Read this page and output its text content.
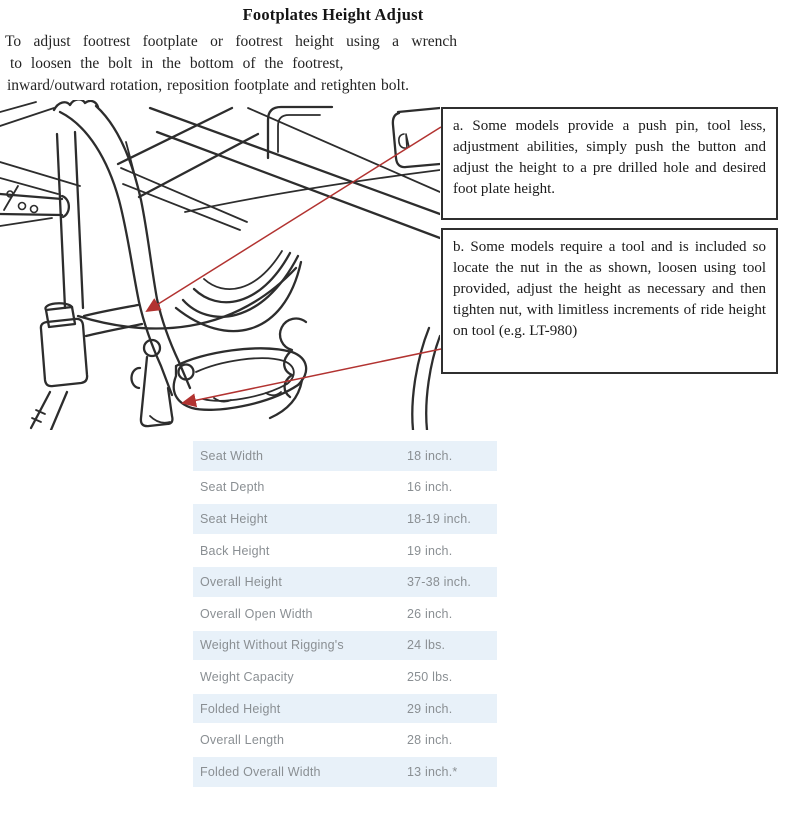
Footplates Height Adjust
To adjust footrest footplate or footrest height using a wrench
to loosen the bolt in the bottom of the footrest,
inward/outward rotation, reposition footplate and retighten bolt.
a. Some models provide a push pin, tool less, adjustment abilities, simply push the button and adjust the height to a pre drilled hole and desired foot plate height.
b. Some models require a tool and is included so locate the nut in the as shown, loosen using tool provided, adjust the height as necessary and then tighten nut, with limitless increments of ride height on tool (e.g. LT-980)
Seat Width	18 inch.
Seat Depth	16 inch.
Seat Height	18-19 inch.
Back Height	19 inch.
Overall Height	37-38 inch.
Overall Open Width	26 inch.
Weight Without Rigging's	24 lbs.
Weight Capacity	250 lbs.
Folded Height	29 inch.
Overall Length	28 inch.
Folded Overall Width	13 inch.*
